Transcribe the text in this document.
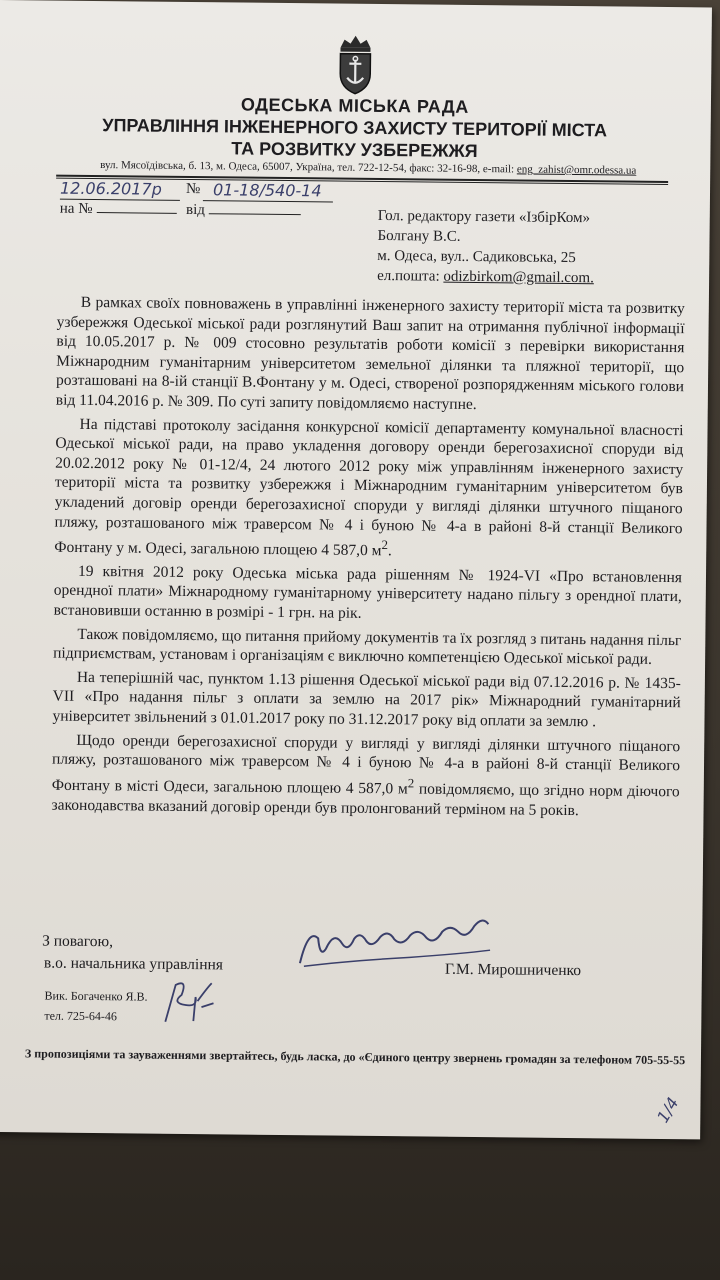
ОДЕСЬКА МІСЬКА РАДА
УПРАВЛІННЯ ІНЖЕНЕРНОГО ЗАХИСТУ ТЕРИТОРІЇ МІСТА
ТА РОЗВИТКУ УЗБЕРЕЖЖЯ
вул. Мясоїдівська, б. 13, м. Одеса, 65007, Україна, тел. 722-12-54, факс: 32-16-98, e-mail: eng_zahist@omr.odessa.ua
12.06.2017р № 01-18/540-14
на №	від	Гол. редактору газети «ІзбірКом»
Болгану В.С.
м. Одеса, вул.. Садиковська, 25
ел.пошта: odizbirkom@gmail.com.

В рамках своїх повноважень в управлінні інженерного захисту території міста та розвитку узбережжя Одеської міської ради розглянутий Ваш запит на отримання публічної інформації від 10.05.2017 р. № 009 стосовно результатів роботи комісії з перевірки використання Міжнародним гуманітарним університетом земельної ділянки та пляжної території, що розташовані на 8-ій станції В.Фонтану у м. Одесі, створеної розпорядженням міського голови від 11.04.2016 р. № 309. По суті запиту повідомляємо наступне.

На підставі протоколу засідання конкурсної комісії департаменту комунальної власності Одеської міської ради, на право укладення договору оренди берегозахисної споруди від 20.02.2012 року № 01-12/4, 24 лютого 2012 року між управлінням інженерного захисту території міста та розвитку узбережжя і Міжнародним гуманітарним університетом був укладений договір оренди берегозахисної споруди у вигляді ділянки штучного піщаного пляжу, розташованого між траверсом № 4 і буною № 4-а в районі 8-й станції Великого Фонтану у м. Одесі, загальною площею 4 587,0 $м^2$.

19 квітня 2012 року Одеська міська рада рішенням № 1924-VI «Про встановлення орендної плати» Міжнародному гуманітарному університету надано пільгу з орендної плати, встановивши останню в розмірі - 1 грн. на рік.

Також повідомляємо, що питання прийому документів та їх розгляд з питань надання пільг підприємствам, установам і організаціям є виключно компетенцією Одеської міської ради.

На теперішній час, пунктом 1.13 рішення Одеської міської ради від 07.12.2016 р. № 1435-VII «Про надання пільг з оплати за землю на 2017 рік» Міжнародний гуманітарний університет звільнений з 01.01.2017 року по 31.12.2017 року від оплати за землю .

Щодо оренди берегозахисної споруди у вигляді у вигляді ділянки штучного піщаного пляжу, розташованого між траверсом № 4 і буною № 4-а в районі 8-й станції Великого Фонтану в місті Одеси, загальною площею 4 587,0 $м^2$ повідомляємо, що згідно норм діючого законодавства вказаний договір оренди був пролонгований терміном на 5 років.

З повагою,
в.о. начальника управління	Г.М. Мирошниченко
Вик. Богаченко Я.В.
тел. 725-64-46
З пропозиціями та зауваженнями звертайтесь, будь ласка, до «Єдиного центру звернень громадян за телефоном 705-55-55
1/4
